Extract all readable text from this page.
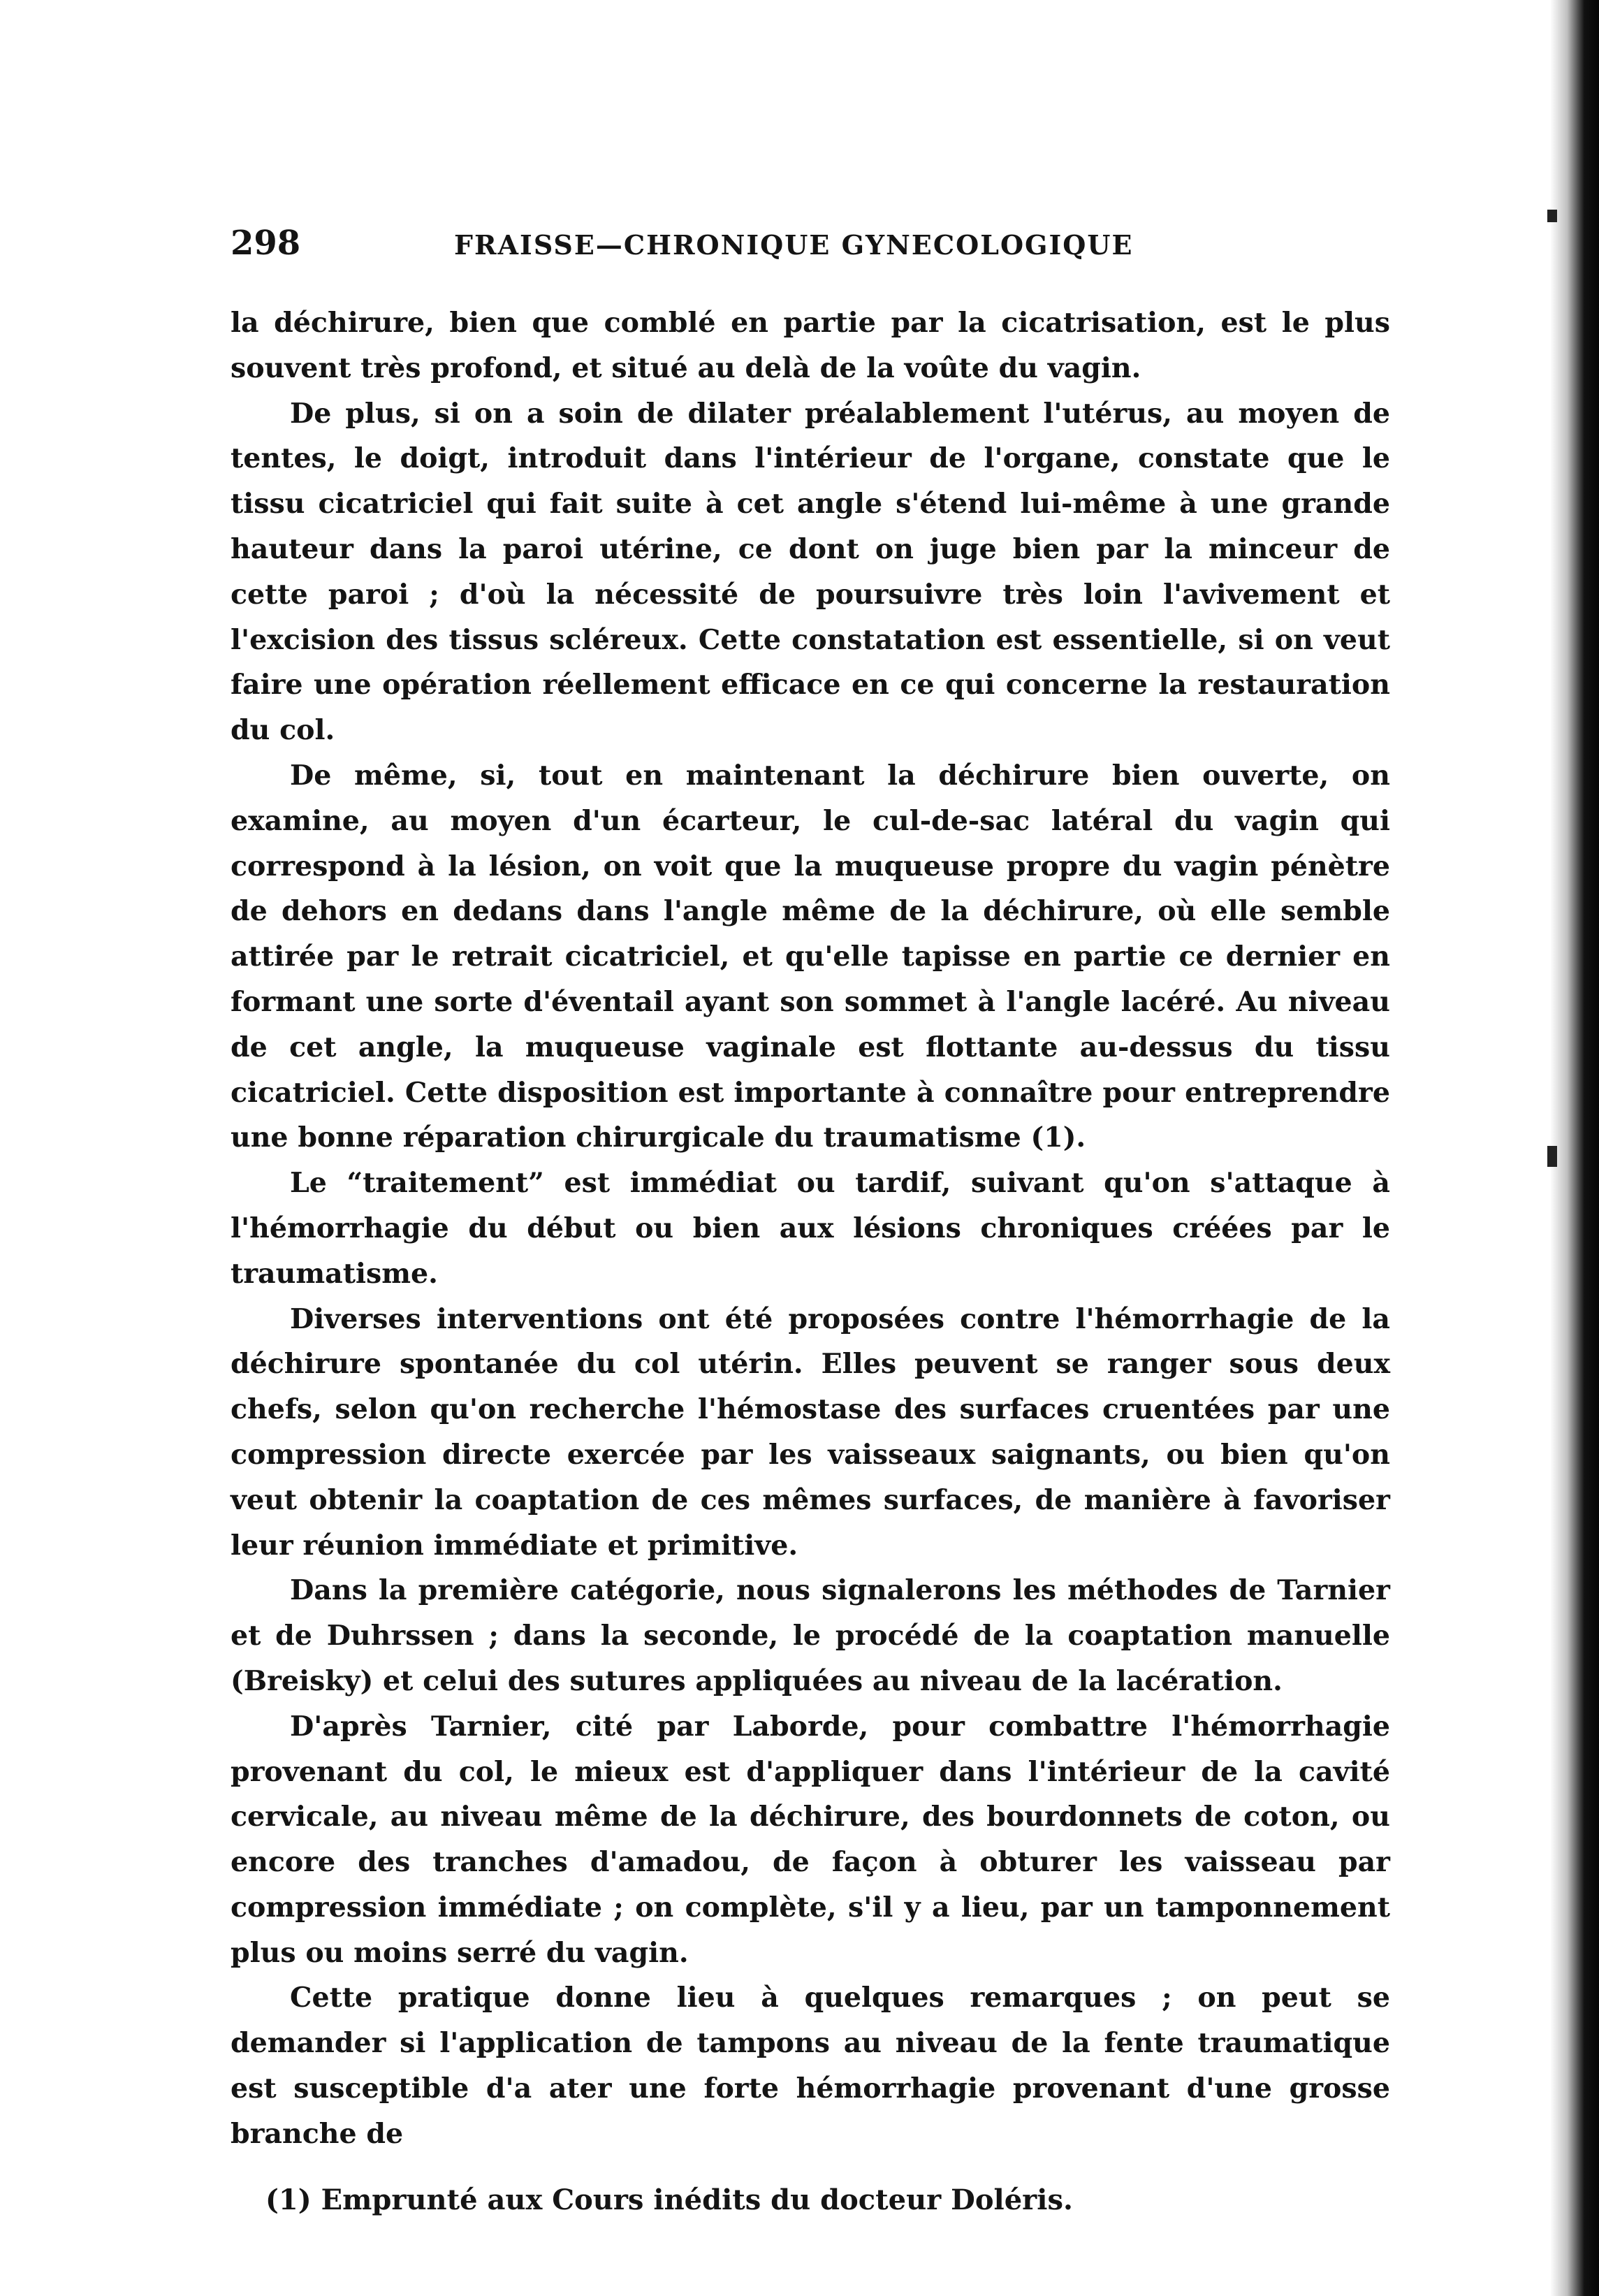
298	FRAISSE—CHRONIQUE GYNECOLOGIQUE

la déchirure, bien que comblé en partie par la cicatrisation, est le plus souvent très profond, et situé au delà de la voûte du vagin.

De plus, si on a soin de dilater préalablement l'utérus, au moyen de tentes, le doigt, introduit dans l'intérieur de l'organe, constate que le tissu cicatriciel qui fait suite à cet angle s'étend lui-même à une grande hauteur dans la paroi utérine, ce dont on juge bien par la minceur de cette paroi ; d'où la nécessité de poursuivre très loin l'avivement et l'excision des tissus scléreux. Cette constatation est essentielle, si on veut faire une opération réellement efficace en ce qui concerne la restauration du col.

De même, si, tout en maintenant la déchirure bien ouverte, on examine, au moyen d'un écarteur, le cul-de-sac latéral du vagin qui correspond à la lésion, on voit que la muqueuse propre du vagin pénètre de dehors en dedans dans l'angle même de la déchirure, où elle semble attirée par le retrait cicatriciel, et qu'elle tapisse en partie ce dernier en formant une sorte d'éventail ayant son sommet à l'angle lacéré. Au niveau de cet angle, la muqueuse vaginale est flottante au-dessus du tissu cicatriciel. Cette disposition est importante à connaître pour entreprendre une bonne réparation chirurgicale du traumatisme (1).

Le “traitement” est immédiat ou tardif, suivant qu'on s'attaque à l'hémorrhagie du début ou bien aux lésions chroniques créées par le traumatisme.

Diverses interventions ont été proposées contre l'hémorrhagie de la déchirure spontanée du col utérin. Elles peuvent se ranger sous deux chefs, selon qu'on recherche l'hémostase des surfaces cruentées par une compression directe exercée par les vaisseaux saignants, ou bien qu'on veut obtenir la coaptation de ces mêmes surfaces, de manière à favoriser leur réunion immédiate et primitive.

Dans la première catégorie, nous signalerons les méthodes de Tarnier et de Duhrssen ; dans la seconde, le procédé de la coaptation manuelle (Breisky) et celui des sutures appliquées au niveau de la lacération.

D'après Tarnier, cité par Laborde, pour combattre l'hémorrhagie provenant du col, le mieux est d'appliquer dans l'intérieur de la cavité cervicale, au niveau même de la déchirure, des bourdonnets de coton, ou encore des tranches d'amadou, de façon à obturer les vaisseau par compression immédiate ; on complète, s'il y a lieu, par un tamponnement plus ou moins serré du vagin.

Cette pratique donne lieu à quelques remarques ; on peut se demander si l'application de tampons au niveau de la fente traumatique est susceptible d'a ater une forte hémorrhagie provenant d'une grosse branche de

(1) Emprunté aux Cours inédits du docteur Doléris.
